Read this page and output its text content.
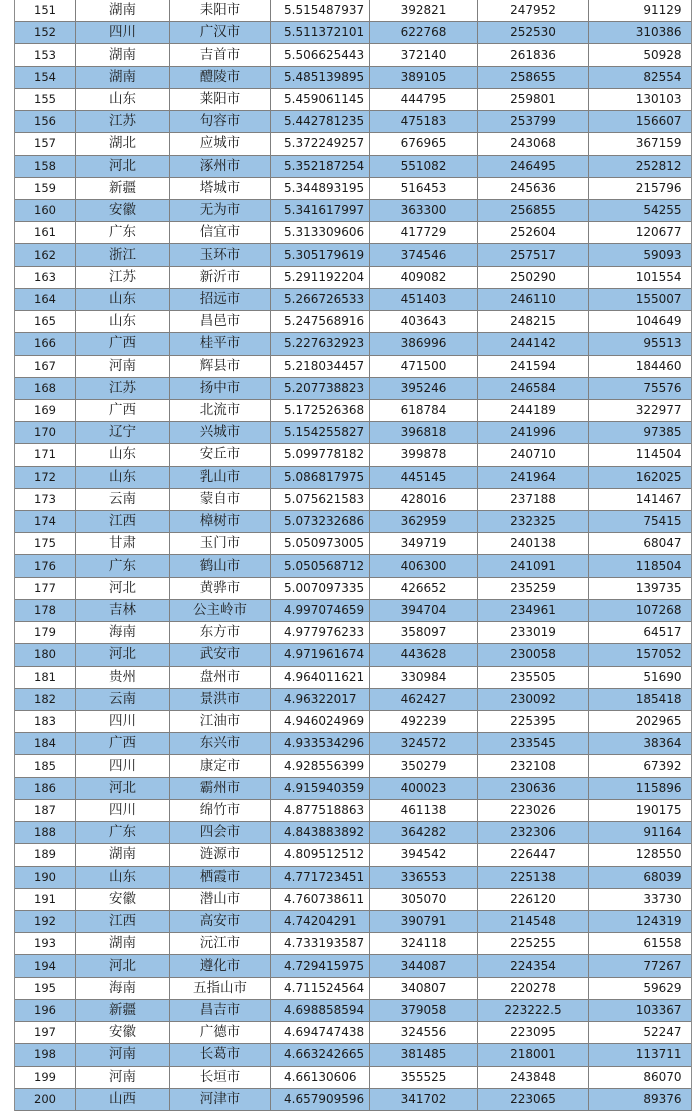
151	湖南	耒阳市	5.515487937	392821	247952	91129
152	四川	广汉市	5.511372101	622768	252530	310386
153	湖南	吉首市	5.506625443	372140	261836	50928
154	湖南	醴陵市	5.485139895	389105	258655	82554
155	山东	莱阳市	5.459061145	444795	259801	130103
156	江苏	句容市	5.442781235	475183	253799	156607
157	湖北	应城市	5.372249257	676965	243068	367159
158	河北	涿州市	5.352187254	551082	246495	252812
159	新疆	塔城市	5.344893195	516453	245636	215796
160	安徽	无为市	5.341617997	363300	256855	54255
161	广东	信宜市	5.313309606	417729	252604	120677
162	浙江	玉环市	5.305179619	374546	257517	59093
163	江苏	新沂市	5.291192204	409082	250290	101554
164	山东	招远市	5.266726533	451403	246110	155007
165	山东	昌邑市	5.247568916	403643	248215	104649
166	广西	桂平市	5.227632923	386996	244142	95513
167	河南	辉县市	5.218034457	471500	241594	184460
168	江苏	扬中市	5.207738823	395246	246584	75576
169	广西	北流市	5.172526368	618784	244189	322977
170	辽宁	兴城市	5.154255827	396818	241996	97385
171	山东	安丘市	5.099778182	399878	240710	114504
172	山东	乳山市	5.086817975	445145	241964	162025
173	云南	蒙自市	5.075621583	428016	237188	141467
174	江西	樟树市	5.073232686	362959	232325	75415
175	甘肃	玉门市	5.050973005	349719	240138	68047
176	广东	鹤山市	5.050568712	406300	241091	118504
177	河北	黄骅市	5.007097335	426652	235259	139735
178	吉林	公主岭市	4.997074659	394704	234961	107268
179	海南	东方市	4.977976233	358097	233019	64517
180	河北	武安市	4.971961674	443628	230058	157052
181	贵州	盘州市	4.964011621	330984	235505	51690
182	云南	景洪市	4.96322017	462427	230092	185418
183	四川	江油市	4.946024969	492239	225395	202965
184	广西	东兴市	4.933534296	324572	233545	38364
185	四川	康定市	4.928556399	350279	232108	67392
186	河北	霸州市	4.915940359	400023	230636	115896
187	四川	绵竹市	4.877518863	461138	223026	190175
188	广东	四会市	4.843883892	364282	232306	91164
189	湖南	涟源市	4.809512512	394542	226447	128550
190	山东	栖霞市	4.771723451	336553	225138	68039
191	安徽	潜山市	4.760738611	305070	226120	33730
192	江西	高安市	4.74204291	390791	214548	124319
193	湖南	沅江市	4.733193587	324118	225255	61558
194	河北	遵化市	4.729415975	344087	224354	77267
195	海南	五指山市	4.711524564	340807	220278	59629
196	新疆	昌吉市	4.698858594	379058	223222.5	103367
197	安徽	广德市	4.694747438	324556	223095	52247
198	河南	长葛市	4.663242665	381485	218001	113711
199	河南	长垣市	4.66130606	355525	243848	86070
200	山西	河津市	4.657909596	341702	223065	89376
